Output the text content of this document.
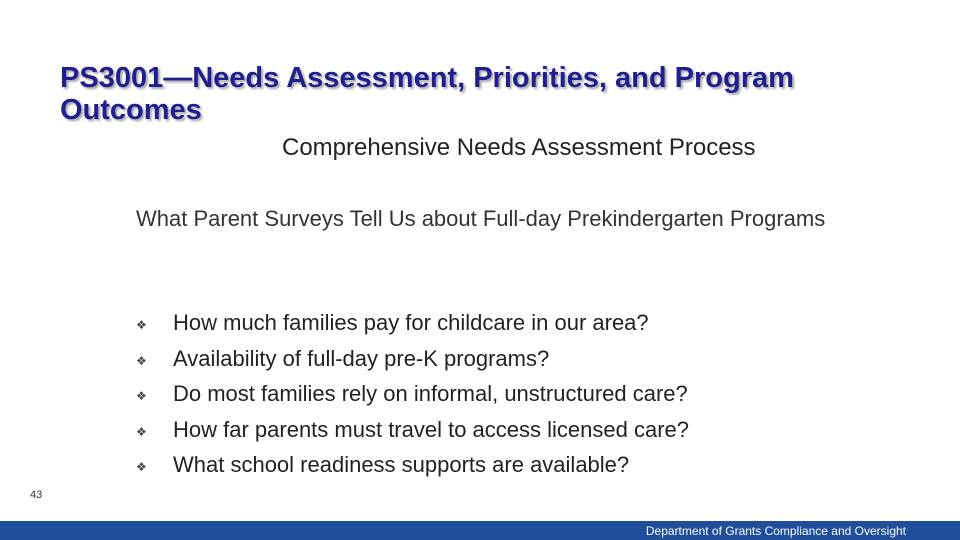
PS3001—Needs Assessment, Priorities, and Program Outcomes
Comprehensive Needs Assessment Process
What Parent Surveys Tell Us about Full-day Prekindergarten Programs
❖	How much families pay for childcare in our area?
❖	Availability of full-day pre-K programs?
❖	Do most families rely on informal, unstructured care?
❖	How far parents must travel to access licensed care?
❖	What school readiness supports are available?
43
Department of Grants Compliance and Oversight
